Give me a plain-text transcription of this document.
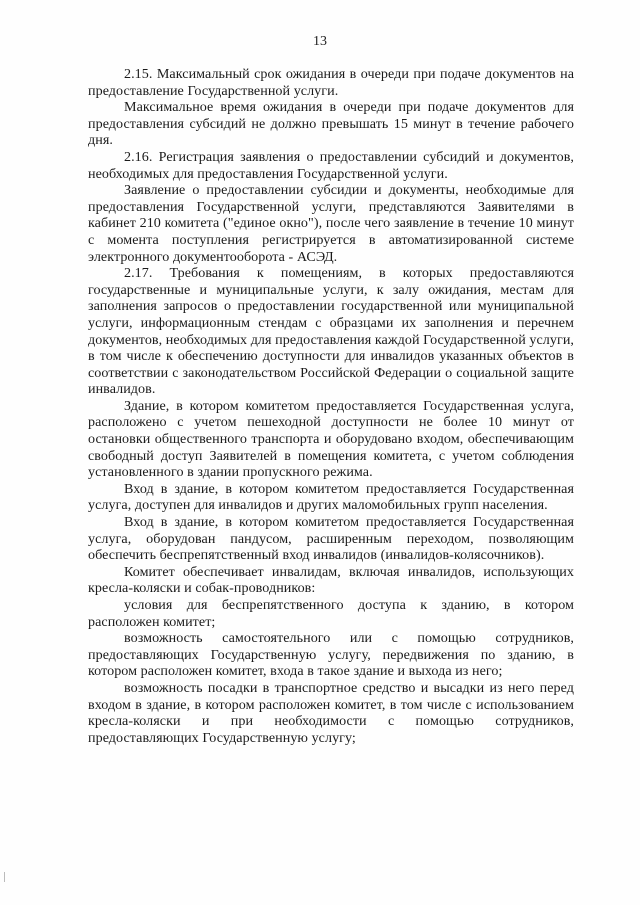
13

2.15. Максимальный срок ожидания в очереди при подаче документов на предоставление Государственной услуги.

Максимальное время ожидания в очереди при подаче документов для предоставления субсидий не должно превышать 15 минут в течение рабочего дня.

2.16. Регистрация заявления о предоставлении субсидий и документов, необходимых для предоставления Государственной услуги.

Заявление о предоставлении субсидии и документы, необходимые для предоставления Государственной услуги, представляются Заявителями в кабинет 210 комитета ("единое окно"), после чего заявление в течение 10 минут с момента поступления регистрируется в автоматизированной системе электронного документооборота - АСЭД.

2.17. Требования к помещениям, в которых предоставляются государственные и муниципальные услуги, к залу ожидания, местам для заполнения запросов о предоставлении государственной или муниципальной услуги, информационным стендам с образцами их заполнения и перечнем документов, необходимых для предоставления каждой Государственной услуги, в том числе к обеспечению доступности для инвалидов указанных объектов в соответствии с законодательством Российской Федерации о социальной защите инвалидов.

Здание, в котором комитетом предоставляется Государственная услуга, расположено с учетом пешеходной доступности не более 10 минут от остановки общественного транспорта и оборудовано входом, обеспечивающим свободный доступ Заявителей в помещения комитета, с учетом соблюдения установленного в здании пропускного режима.

Вход в здание, в котором комитетом предоставляется Государственная услуга, доступен для инвалидов и других маломобильных групп населения.

Вход в здание, в котором комитетом предоставляется Государственная услуга, оборудован пандусом, расширенным переходом, позволяющим обеспечить беспрепятственный вход инвалидов (инвалидов-колясочников).

Комитет обеспечивает инвалидам, включая инвалидов, использующих кресла-коляски и собак-проводников:

условия для беспрепятственного доступа к зданию, в котором расположен комитет;

возможность самостоятельного или с помощью сотрудников, предоставляющих Государственную услугу, передвижения по зданию, в котором расположен комитет, входа в такое здание и выхода из него;

возможность посадки в транспортное средство и высадки из него перед входом в здание, в котором расположен комитет, в том числе с использованием кресла-коляски и при необходимости с помощью сотрудников, предоставляющих Государственную услугу;
